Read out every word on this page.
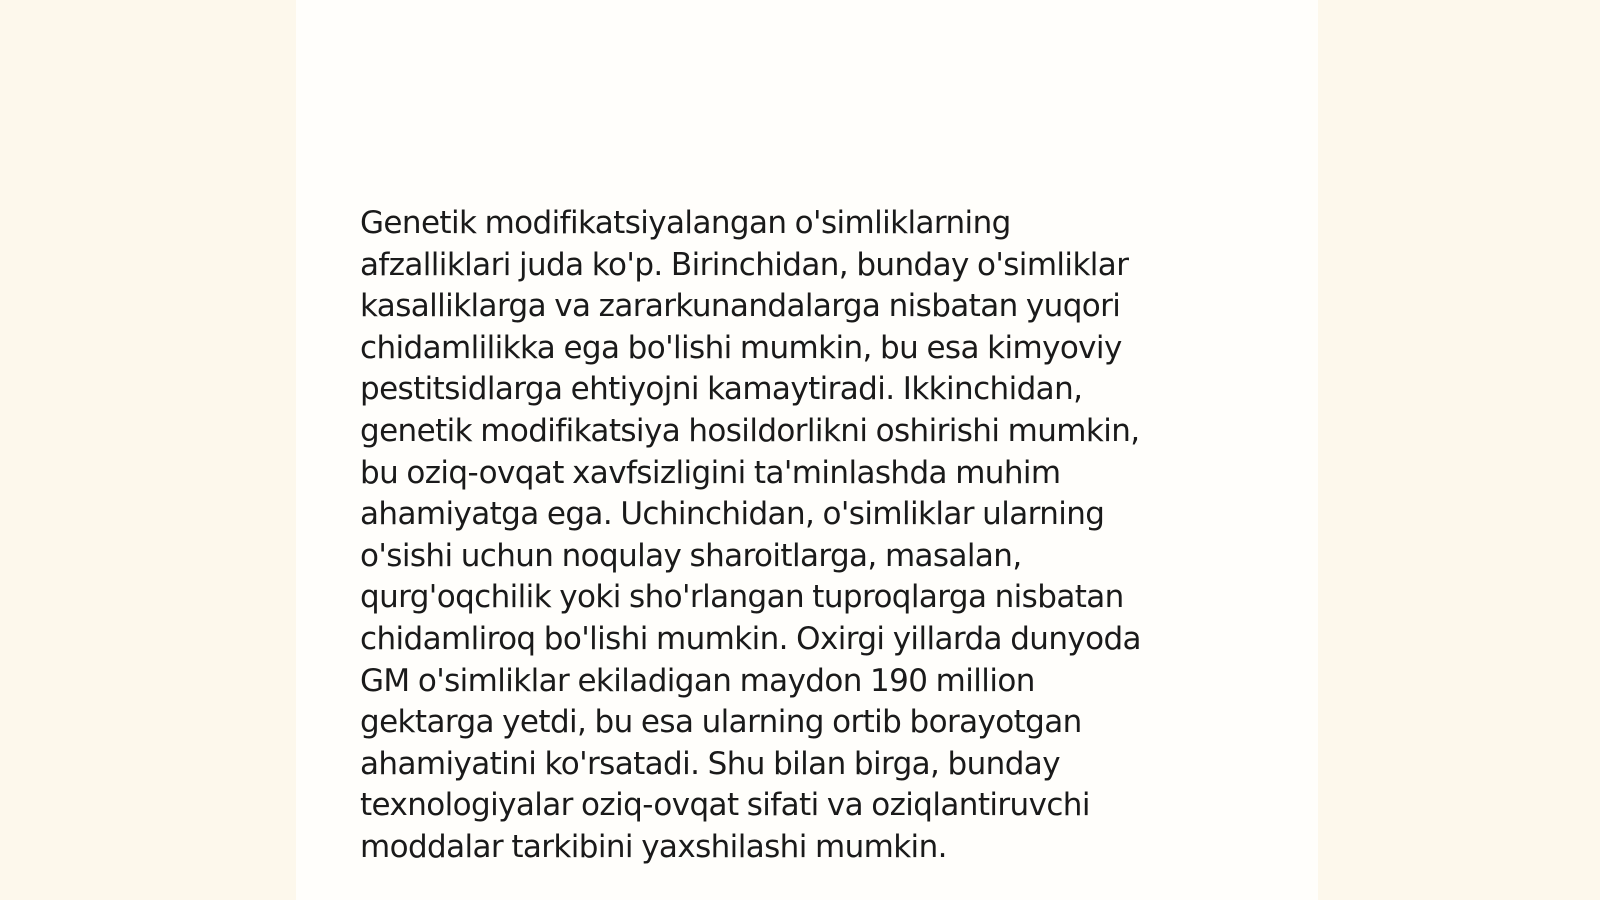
Genetik modifikatsiyalangan o'simliklarning
afzalliklari juda ko'p. Birinchidan, bunday o'simliklar
kasalliklarga va zararkunandalarga nisbatan yuqori
chidamlilikka ega bo'lishi mumkin, bu esa kimyoviy
pestitsidlarga ehtiyojni kamaytiradi. Ikkinchidan,
genetik modifikatsiya hosildorlikni oshirishi mumkin,
bu oziq-ovqat xavfsizligini ta'minlashda muhim
ahamiyatga ega. Uchinchidan, o'simliklar ularning
o'sishi uchun noqulay sharoitlarga, masalan,
qurg'oqchilik yoki sho'rlangan tuproqlarga nisbatan
chidamliroq bo'lishi mumkin. Oxirgi yillarda dunyoda
GM o'simliklar ekiladigan maydon 190 million
gektarga yetdi, bu esa ularning ortib borayotgan
ahamiyatini ko'rsatadi. Shu bilan birga, bunday
texnologiyalar oziq-ovqat sifati va oziqlantiruvchi
moddalar tarkibini yaxshilashi mumkin.
